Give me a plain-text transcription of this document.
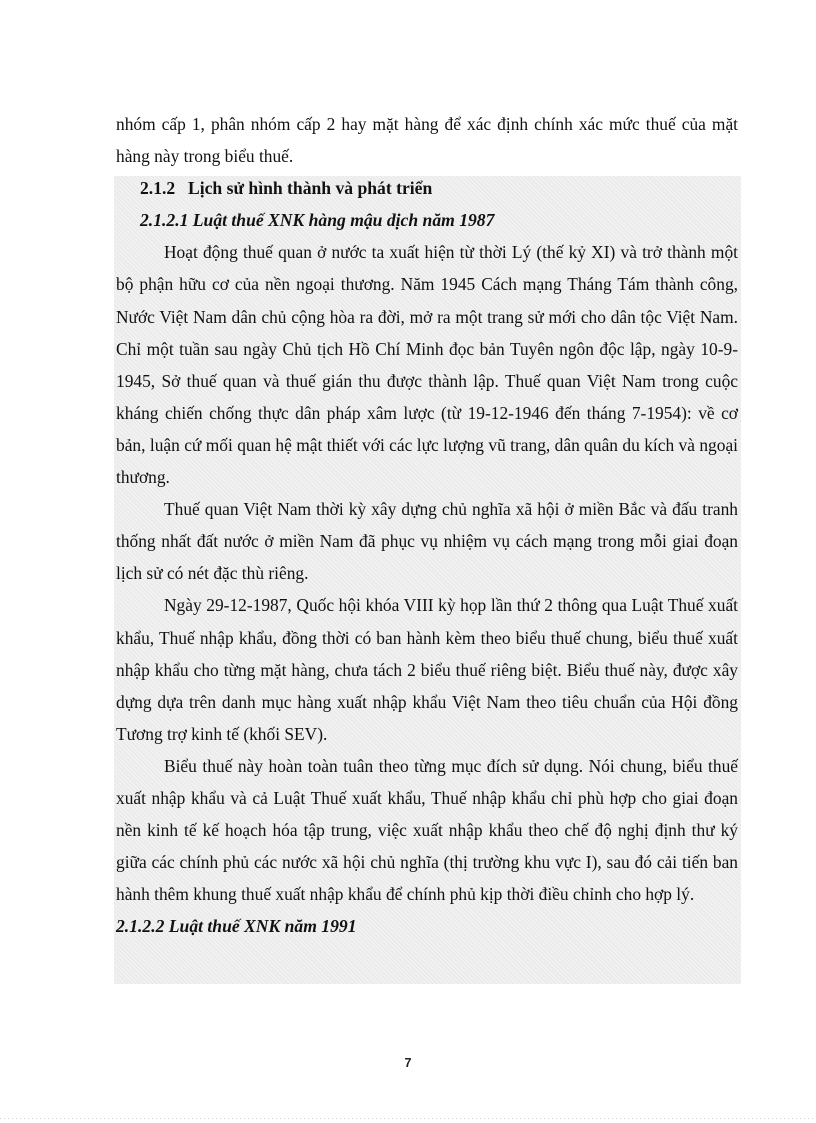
nhóm cấp 1, phân nhóm cấp 2 hay mặt hàng để xác định chính xác mức thuế của mặt hàng này trong biểu thuế.

2.1.2 Lịch sử hình thành và phát triển
2.1.2.1 Luật thuế XNK hàng mậu dịch năm 1987

Hoạt động thuế quan ở nước ta xuất hiện từ thời Lý (thế kỷ XI) và trở thành một bộ phận hữu cơ của nền ngoại thương. Năm 1945 Cách mạng Tháng Tám thành công, Nước Việt Nam dân chủ cộng hòa ra đời, mở ra một trang sử mới cho dân tộc Việt Nam. Chỉ một tuần sau ngày Chủ tịch Hồ Chí Minh đọc bản Tuyên ngôn độc lập, ngày 10-9-1945, Sở thuế quan và thuế gián thu được thành lập. Thuế quan Việt Nam trong cuộc kháng chiến chống thực dân pháp xâm lược (từ 19-12-1946 đến tháng 7-1954): về cơ bản, luận cứ mối quan hệ mật thiết với các lực lượng vũ trang, dân quân du kích và ngoại thương.

Thuế quan Việt Nam thời kỳ xây dựng chủ nghĩa xã hội ở miền Bắc và đấu tranh thống nhất đất nước ở miền Nam đã phục vụ nhiệm vụ cách mạng trong mỗi giai đoạn lịch sử có nét đặc thù riêng.

Ngày 29-12-1987, Quốc hội khóa VIII kỳ họp lần thứ 2 thông qua Luật Thuế xuất khẩu, Thuế nhập khẩu, đồng thời có ban hành kèm theo biểu thuế chung, biểu thuế xuất nhập khẩu cho từng mặt hàng, chưa tách 2 biểu thuế riêng biệt. Biểu thuế này, được xây dựng dựa trên danh mục hàng xuất nhập khẩu Việt Nam theo tiêu chuẩn của Hội đồng Tương trợ kinh tế (khối SEV).

Biểu thuế này hoàn toàn tuân theo từng mục đích sử dụng. Nói chung, biểu thuế xuất nhập khẩu và cả Luật Thuế xuất khẩu, Thuế nhập khẩu chỉ phù hợp cho giai đoạn nền kinh tế kế hoạch hóa tập trung, việc xuất nhập khẩu theo chế độ nghị định thư ký giữa các chính phủ các nước xã hội chủ nghĩa (thị trường khu vực I), sau đó cải tiến ban hành thêm khung thuế xuất nhập khẩu để chính phủ kịp thời điều chỉnh cho hợp lý.

2.1.2.2 Luật thuế XNK năm 1991
7
